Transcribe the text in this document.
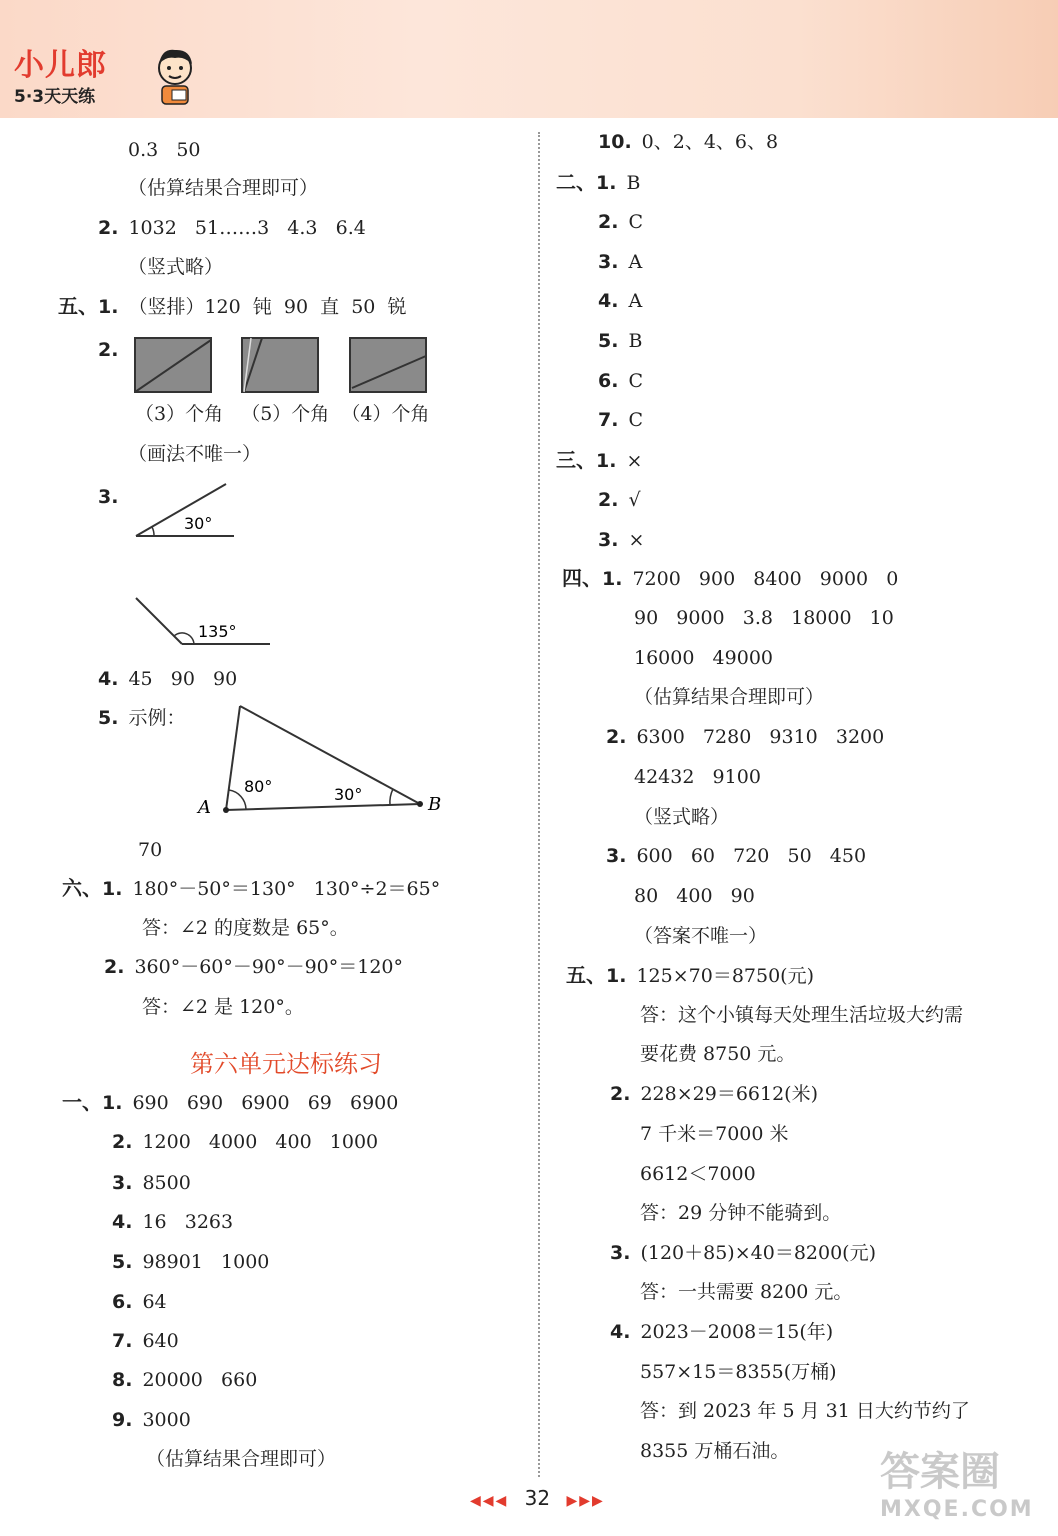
小儿郎
5·3天天练
0.3   50
（估算结果合理即可）
2. 1032   51……3   4.3   6.4
（竖式略）
五、1. （竖排）120  钝  90  直  50  锐
2.
（3）个角   （5）个角  （4）个角
（画法不唯一）
3.
4. 45   90   90
5. 示例：
70
六、1. 180°－50°＝130°   130°÷2＝65°
答：∠2 的度数是 65°。
2. 360°－60°－90°－90°＝120°
答：∠2 是 120°。
一、1. 690   690   6900   69   6900
2. 1200   4000   400   1000
3. 8500
4. 16   3263
5. 98901   1000
6. 64
7. 640
8. 20000   660
9. 3000
（估算结果合理即可）
10. 0、2、4、6、8
二、1. B
2. C
3. A
4. A
5. B
6. C
7. C
三、1. ×
2. √
3. ×
四、1. 7200   900   8400   9000   0
90   9000   3.8   18000   10
16000   49000
（估算结果合理即可）
2. 6300   7280   9310   3200
42432   9100
（竖式略）
3. 600   60   720   50   450
80   400   90
（答案不唯一）
五、1. 125×70＝8750(元)
答：这个小镇每天处理生活垃圾大约需
要花费 8750 元。
2. 228×29＝6612(米)
7 千米＝7000 米
6612＜7000
答：29 分钟不能骑到。
3. (120＋85)×40＝8200(元)
答：一共需要 8200 元。
4. 2023－2008＝15(年)
557×15＝8355(万桶)
答：到 2023 年 5 月 31 日大约节约了
8355 万桶石油。
第六单元达标练习
30°
135°
A	B
80°	30°
◀◀◀ 32 ▶▶▶
答案圈
MXQE.COM
